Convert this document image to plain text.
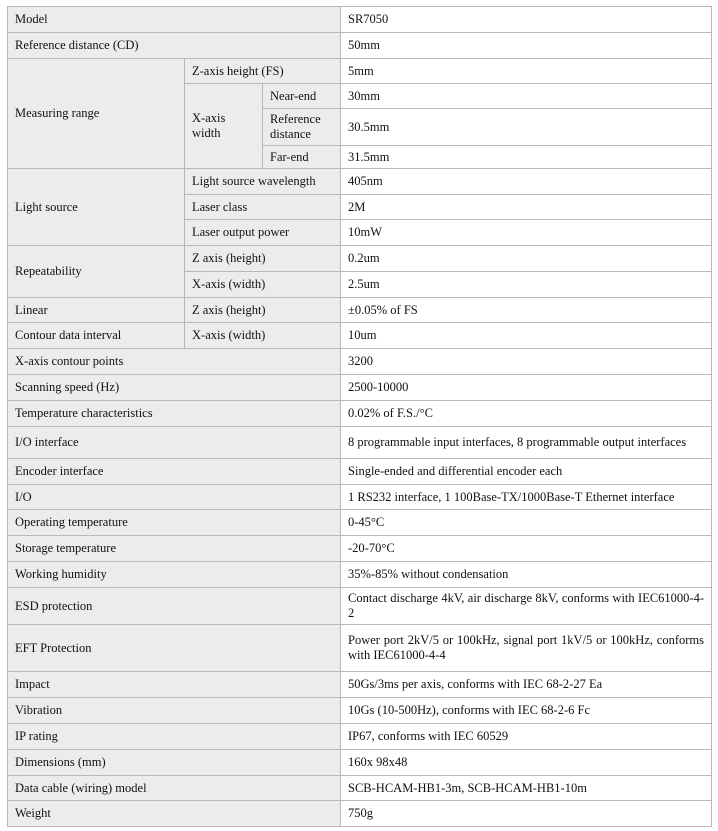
Model			SR7050
Reference distance (CD)			50mm
Measuring range	Z-axis height (FS)		5mm
	X-axis width	Near-end	30mm
		Reference distance	30.5mm
		Far-end	31.5mm
Light source	Light source wavelength		405nm
	Laser class		2M
	Laser output power		10mW
Repeatability	Z axis (height)		0.2um
	X-axis (width)		2.5um
Linear	Z axis (height)		±0.05% of FS
Contour data interval	X-axis (width)		10um
X-axis contour points			3200
Scanning speed (Hz)			2500-10000
Temperature characteristics			0.02% of F.S./°C
I/O interface			8 programmable input interfaces, 8 programmable output interfaces
Encoder interface			Single-ended and differential encoder each
I/O			1 RS232 interface, 1 100Base-TX/1000Base-T Ethernet interface
Operating temperature			0-45°C
Storage temperature			-20-70°C
Working humidity			35%-85% without condensation
ESD protection			Contact discharge 4kV, air discharge 8kV, conforms with IEC61000-4-2
EFT Protection			Power port 2kV/5 or 100kHz, signal port 1kV/5 or 100kHz, conforms with IEC61000-4-4
Impact			50Gs/3ms per axis, conforms with IEC 68-2-27 Ea
Vibration			10Gs (10-500Hz), conforms with IEC 68-2-6 Fc
IP rating			IP67, conforms with IEC 60529
Dimensions (mm)			160x 98x48
Data cable (wiring) model			SCB-HCAM-HB1-3m, SCB-HCAM-HB1-10m
Weight			750g
